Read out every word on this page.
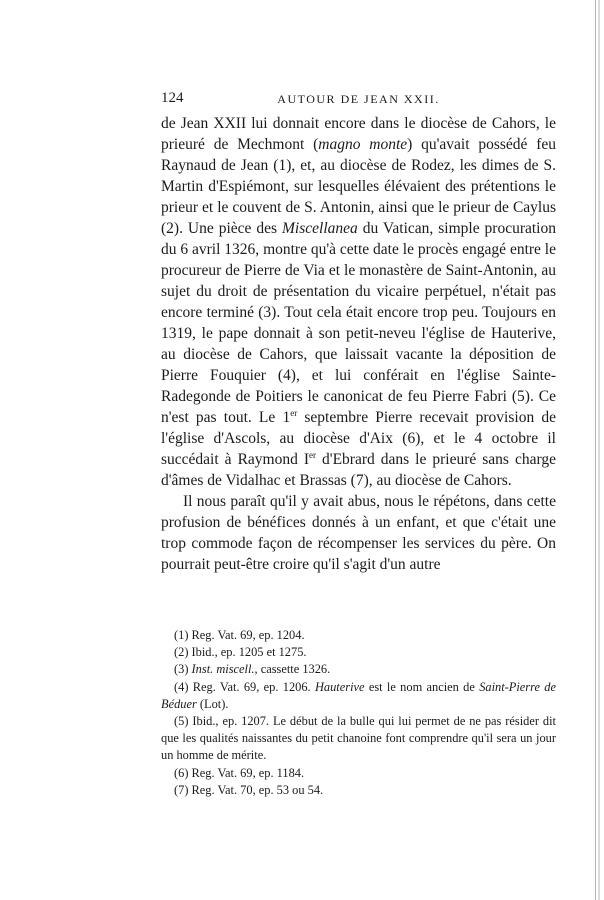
124	AUTOUR DE JEAN XXII.

de Jean XXII lui donnait encore dans le diocèse de Cahors, le prieuré de Mechmont (magno monte) qu'avait possédé feu Raynaud de Jean (1), et, au diocèse de Rodez, les dimes de S. Martin d'Espiémont, sur lesquelles élévaient des prétentions le prieur et le couvent de S. Antonin, ainsi que le prieur de Caylus (2). Une pièce des Miscellanea du Vatican, simple procuration du 6 avril 1326, montre qu'à cette date le procès engagé entre le procureur de Pierre de Via et le monastère de Saint-Antonin, au sujet du droit de présentation du vicaire perpétuel, n'était pas encore terminé (3). Tout cela était encore trop peu. Toujours en 1319, le pape donnait à son petit-neveu l'église de Hauterive, au diocèse de Cahors, que laissait vacante la déposition de Pierre Fouquier (4), et lui conférait en l'église Sainte-Radegonde de Poitiers le canonicat de feu Pierre Fabri (5). Ce n'est pas tout. Le 1er septembre Pierre recevait provision de l'église d'Ascols, au diocèse d'Aix (6), et le 4 octobre il succédait à Raymond Ier d'Ebrard dans le prieuré sans charge d'âmes de Vidalhac et Brassas (7), au diocèse de Cahors.

Il nous paraît qu'il y avait abus, nous le répétons, dans cette profusion de bénéfices donnés à un enfant, et que c'était une trop commode façon de récompenser les services du père. On pourrait peut-être croire qu'il s'agit d'un autre

(1) Reg. Vat. 69, ep. 1204.

(2) Ibid., ep. 1205 et 1275.

(3) Inst. miscell., cassette 1326.

(4) Reg. Vat. 69, ep. 1206. Hauterive est le nom ancien de Saint-Pierre de Béduer (Lot).

(5) Ibid., ep. 1207. Le début de la bulle qui lui permet de ne pas résider dit que les qualités naissantes du petit chanoine font comprendre qu'il sera un jour un homme de mérite.

(6) Reg. Vat. 69, ep. 1184.

(7) Reg. Vat. 70, ep. 53 ou 54.
